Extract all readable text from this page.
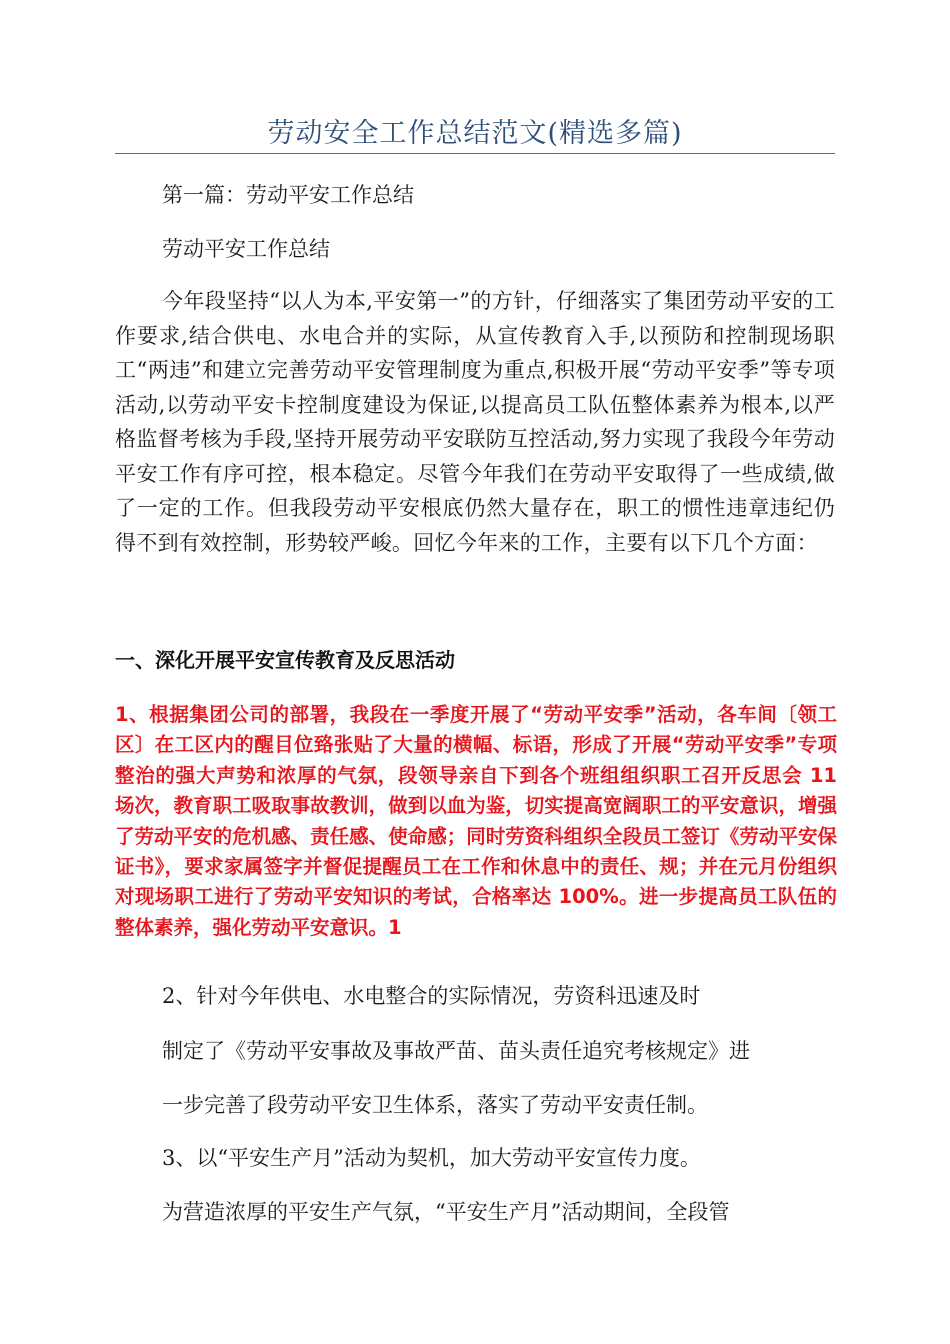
劳动安全工作总结范文(精选多篇)
第一篇：劳动平安工作总结
劳动平安工作总结

今年段坚持“以人为本,平安第一”的方针，仔细落实了集团劳动平安的工作要求,结合供电、水电合并的实际，从宣传教育入手,以预防和控制现场职工“两违”和建立完善劳动平安管理制度为重点,积极开展“劳动平安季”等专项活动,以劳动平安卡控制度建设为保证,以提高员工队伍整体素养为根本,以严格监督考核为手段,坚持开展劳动平安联防互控活动,努力实现了我段今年劳动平安工作有序可控，根本稳定。尽管今年我们在劳动平安取得了一些成绩,做了一定的工作。但我段劳动平安根底仍然大量存在，职工的惯性违章违纪仍得不到有效控制，形势较严峻。回忆今年来的工作，主要有以下几个方面：

一、深化开展平安宣传教育及反思活动

1、根据集团公司的部署，我段在一季度开展了“劳动平安季”活动，各车间〔领工区〕在工区内的醒目位臵张贴了大量的横幅、标语，形成了开展“劳动平安季”专项整治的强大声势和浓厚的气氛，段领导亲自下到各个班组组织职工召开反思会 11 场次，教育职工吸取事故教训，做到以血为鉴，切实提高宽阔职工的平安意识，增强了劳动平安的危机感、责任感、使命感；同时劳资科组织全段员工签订《劳动平安保证书》，要求家属签字并督促提醒员工在工作和休息中的责任、规；并在元月份组织对现场职工进行了劳动平安知识的考试，合格率达 100%。进一步提高员工队伍的整体素养，强化劳动平安意识。1

2、针对今年供电、水电整合的实际情况，劳资科迅速及时
制定了《劳动平安事故及事故严苗、苗头责任追究考核规定》进
一步完善了段劳动平安卫生体系，落实了劳动平安责任制。
3、以“平安生产月”活动为契机，加大劳动平安宣传力度。
为营造浓厚的平安生产气氛，“平安生产月”活动期间，全段管
